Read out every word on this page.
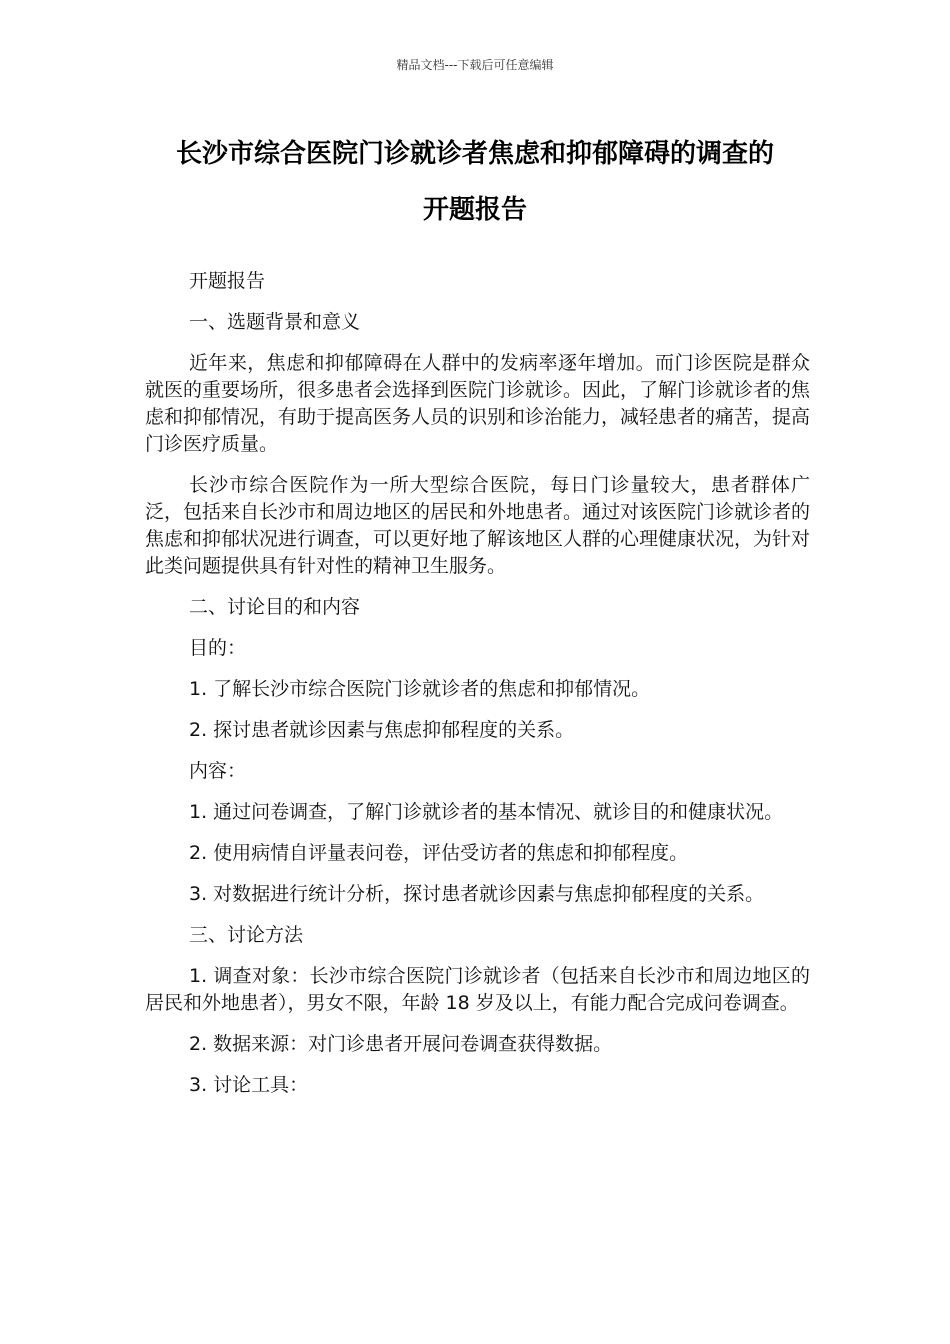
精品文档---下载后可任意编辑
长沙市综合医院门诊就诊者焦虑和抑郁障碍的调查的
开题报告

开题报告

一、选题背景和意义

近年来，焦虑和抑郁障碍在人群中的发病率逐年增加。而门诊医院是群众就医的重要场所，很多患者会选择到医院门诊就诊。因此，了解门诊就诊者的焦虑和抑郁情况，有助于提高医务人员的识别和诊治能力，减轻患者的痛苦，提高门诊医疗质量。

长沙市综合医院作为一所大型综合医院，每日门诊量较大，患者群体广泛，包括来自长沙市和周边地区的居民和外地患者。通过对该医院门诊就诊者的焦虑和抑郁状况进行调查，可以更好地了解该地区人群的心理健康状况，为针对此类问题提供具有针对性的精神卫生服务。

二、讨论目的和内容

目的：

1. 了解长沙市综合医院门诊就诊者的焦虑和抑郁情况。

2. 探讨患者就诊因素与焦虑抑郁程度的关系。

内容：

1. 通过问卷调查，了解门诊就诊者的基本情况、就诊目的和健康状况。

2. 使用病情自评量表问卷，评估受访者的焦虑和抑郁程度。

3. 对数据进行统计分析，探讨患者就诊因素与焦虑抑郁程度的关系。

三、讨论方法

1. 调查对象：长沙市综合医院门诊就诊者（包括来自长沙市和周边地区的居民和外地患者），男女不限，年龄 18 岁及以上，有能力配合完成问卷调查。

2. 数据来源：对门诊患者开展问卷调查获得数据。

3. 讨论工具：
